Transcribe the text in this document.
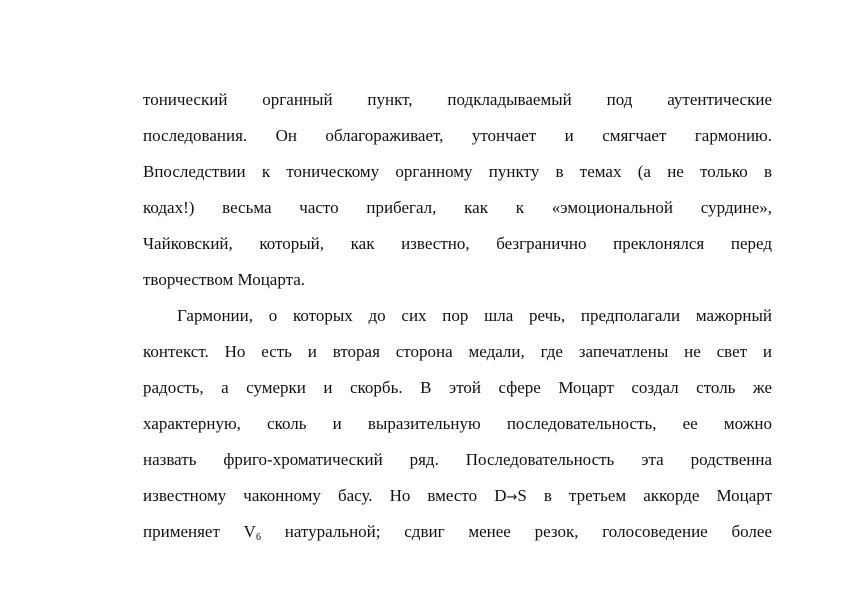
тонический органный пункт, подкладываемый под аутентические
последования. Он облагораживает, утончает и смягчает гармонию.
Впоследствии к тоническому органному пункту в темах (а не только в
кодах!) весьма часто прибегал, как к «эмоциональной сурдине»,
Чайковский, который, как известно, безгранично преклонялся перед
творчеством Моцарта.
Гармонии, о которых до сих пор шла речь, предполагали мажорный
контекст. Но есть и вторая сторона медали, где запечатлены не свет и
радость, а сумерки и скорбь. В этой сфере Моцарт создал столь же
характерную, сколь и выразительную последовательность, ее можно
назвать фриго-хроматический ряд. Последовательность эта родственна
известному чаконному басу. Но вместо D→S в третьем аккорде Моцарт
применяет $V_6$ натуральной; сдвиг менее резок, голосоведение более
